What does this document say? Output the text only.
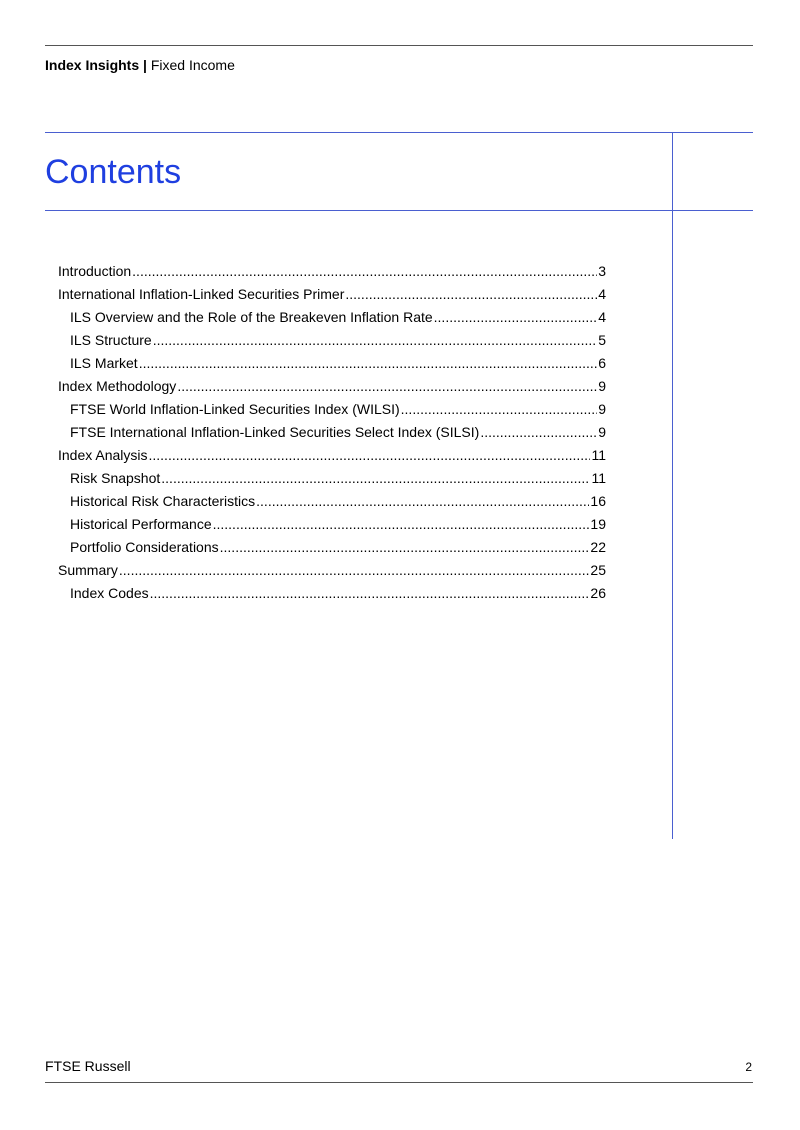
Index Insights | Fixed Income
Contents
Introduction .....	3
International Inflation-Linked Securities Primer .....	4
ILS Overview and the Role of the Breakeven Inflation Rate .....	4
ILS Structure .....	5
ILS Market .....	6
Index Methodology .....	9
FTSE World Inflation-Linked Securities Index (WILSI) .....	9
FTSE International Inflation-Linked Securities Select Index (SILSI) .....	9
Index Analysis .....	11
Risk Snapshot .....	11
Historical Risk Characteristics .....	16
Historical Performance .....	19
Portfolio Considerations .....	22
Summary .....	25
Index Codes .....	26
FTSE Russell	2
